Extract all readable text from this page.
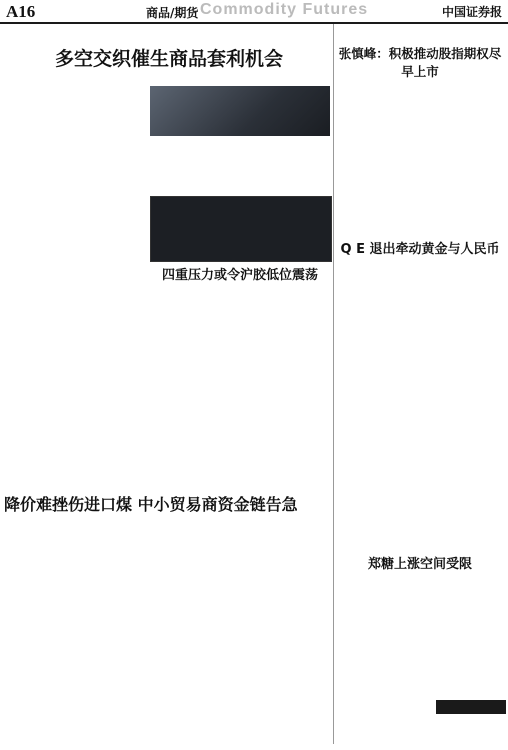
A16	商品/期货 Commodity Futures	中国证券报
多空交织催生商品套利机会
四重压力或令沪胶低位震荡
张慎峰：积极推动股指期权尽早上市
Q E 退出牵动黄金与人民币
郑糖上涨空间受限
降价难挫伤进口煤 中小贸易商资金链告急
